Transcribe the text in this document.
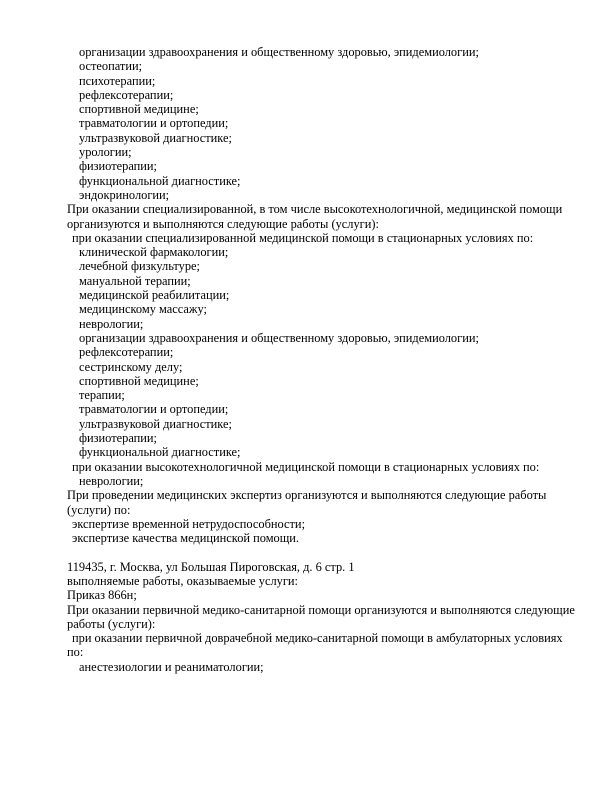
организации здравоохранения и общественному здоровью, эпидемиологии;
остеопатии;
психотерапии;
рефлексотерапии;
спортивной медицине;
травматологии и ортопедии;
ультразвуковой диагностике;
урологии;
физиотерапии;
функциональной диагностике;
эндокринологии;
При оказании специализированной, в том числе высокотехнологичной, медицинской помощи
организуются и выполняются следующие работы (услуги):
при оказании специализированной медицинской помощи в стационарных условиях по:
клинической фармакологии;
лечебной физкультуре;
мануальной терапии;
медицинской реабилитации;
медицинскому массажу;
неврологии;
организации здравоохранения и общественному здоровью, эпидемиологии;
рефлексотерапии;
сестринскому делу;
спортивной медицине;
терапии;
травматологии и ортопедии;
ультразвуковой диагностике;
физиотерапии;
функциональной диагностике;
при оказании высокотехнологичной медицинской помощи в стационарных условиях по:
неврологии;
При проведении медицинских экспертиз организуются и выполняются следующие работы
(услуги) по:
экспертизе временной нетрудоспособности;
экспертизе качества медицинской помощи.
119435, г. Москва, ул Большая Пироговская, д. 6 стр. 1
выполняемые работы, оказываемые услуги:
Приказ 866н;
При оказании первичной медико-санитарной помощи организуются и выполняются следующие
работы (услуги):
при оказании первичной доврачебной медико-санитарной помощи в амбулаторных условиях
по:
анестезиологии и реаниматологии;
